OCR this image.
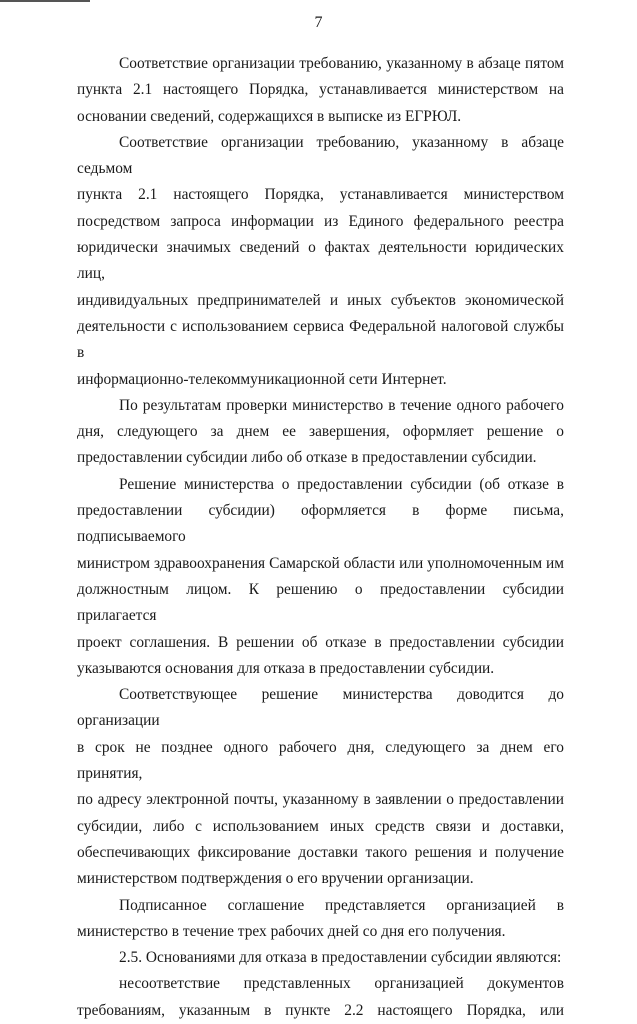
7
Соответствие организации требованию, указанному в абзаце пятом
пункта 2.1 настоящего Порядка, устанавливается министерством на
основании сведений, содержащихся в выписке из ЕГРЮЛ.
Соответствие организации требованию, указанному в абзаце седьмом
пункта 2.1 настоящего Порядка, устанавливается министерством
посредством запроса информации из Единого федерального реестра
юридически значимых сведений о фактах деятельности юридических лиц,
индивидуальных предпринимателей и иных субъектов экономической
деятельности с использованием сервиса Федеральной налоговой службы в
информационно-телекоммуникационной сети Интернет.
По результатам проверки министерство в течение одного рабочего
дня, следующего за днем ее завершения, оформляет решение о
предоставлении субсидии либо об отказе в предоставлении субсидии.
Решение министерства о предоставлении субсидии (об отказе в
предоставлении субсидии) оформляется в форме письма, подписываемого
министром здравоохранения Самарской области или уполномоченным им
должностным лицом. К решению о предоставлении субсидии прилагается
проект соглашения. В решении об отказе в предоставлении субсидии
указываются основания для отказа в предоставлении субсидии.
Соответствующее решение министерства доводится до организации
в срок не позднее одного рабочего дня, следующего за днем его принятия,
по адресу электронной почты, указанному в заявлении о предоставлении
субсидии, либо с использованием иных средств связи и доставки,
обеспечивающих фиксирование доставки такого решения и получение
министерством подтверждения о его вручении организации.
Подписанное соглашение представляется организацией в
министерство в течение трех рабочих дней со дня его получения.
2.5. Основаниями для отказа в предоставлении субсидии являются:
несоответствие представленных организацией документов
требованиям, указанным в пункте 2.2 настоящего Порядка, или
